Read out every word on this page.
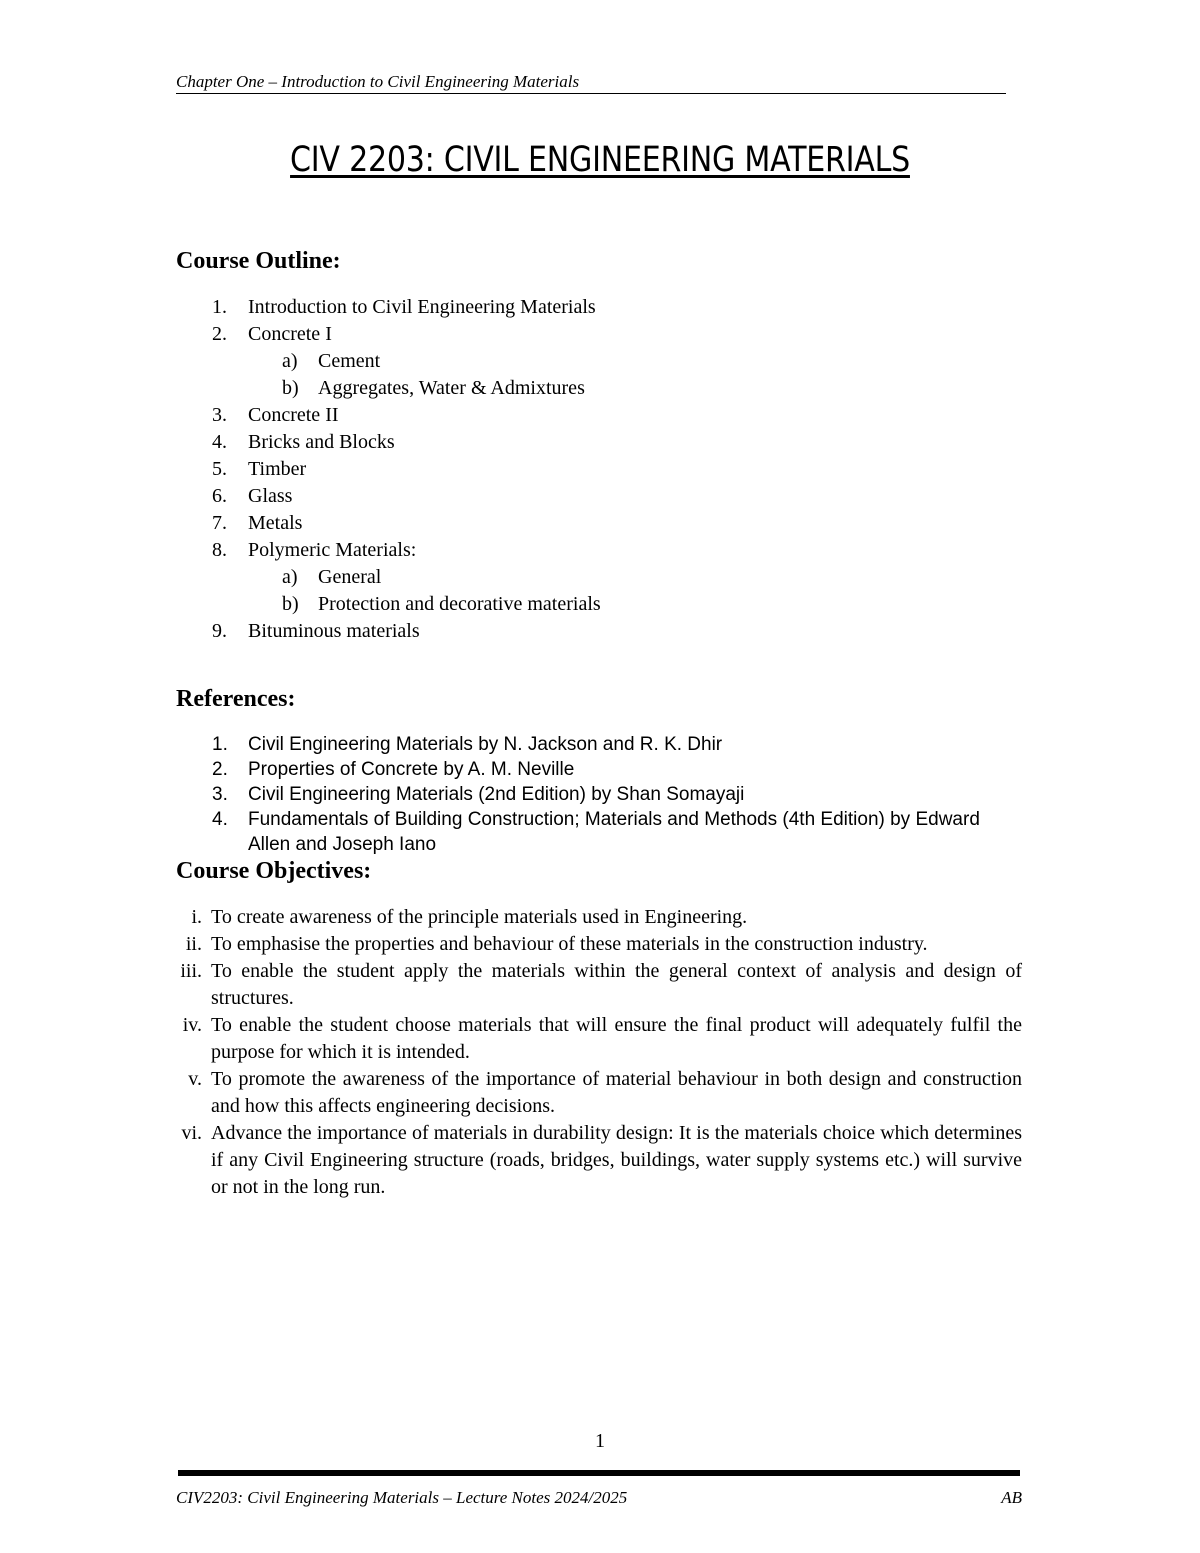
Chapter One – Introduction to Civil Engineering Materials
CIV 2203: CIVIL ENGINEERING MATERIALS
Course Outline:
1. Introduction to Civil Engineering Materials
2. Concrete I
a) Cement
b) Aggregates, Water & Admixtures
3. Concrete II
4. Bricks and Blocks
5. Timber
6. Glass
7. Metals
8. Polymeric Materials:
a) General
b) Protection and decorative materials
9. Bituminous materials
References:
1. Civil Engineering Materials by N. Jackson and R. K. Dhir
2. Properties of Concrete by A. M. Neville
3. Civil Engineering Materials (2nd Edition) by Shan Somayaji
4. Fundamentals of Building Construction; Materials and Methods (4th Edition) by Edward Allen and Joseph Iano
Course Objectives:
i. To create awareness of the principle materials used in Engineering.
ii. To emphasise the properties and behaviour of these materials in the construction industry.
iii. To enable the student apply the materials within the general context of analysis and design of structures.
iv. To enable the student choose materials that will ensure the final product will adequately fulfil the purpose for which it is intended.
v. To promote the awareness of the importance of material behaviour in both design and construction and how this affects engineering decisions.
vi. Advance the importance of materials in durability design: It is the materials choice which determines if any Civil Engineering structure (roads, bridges, buildings, water supply systems etc.) will survive or not in the long run.
1
CIV2203: Civil Engineering Materials – Lecture Notes 2024/2025	AB
